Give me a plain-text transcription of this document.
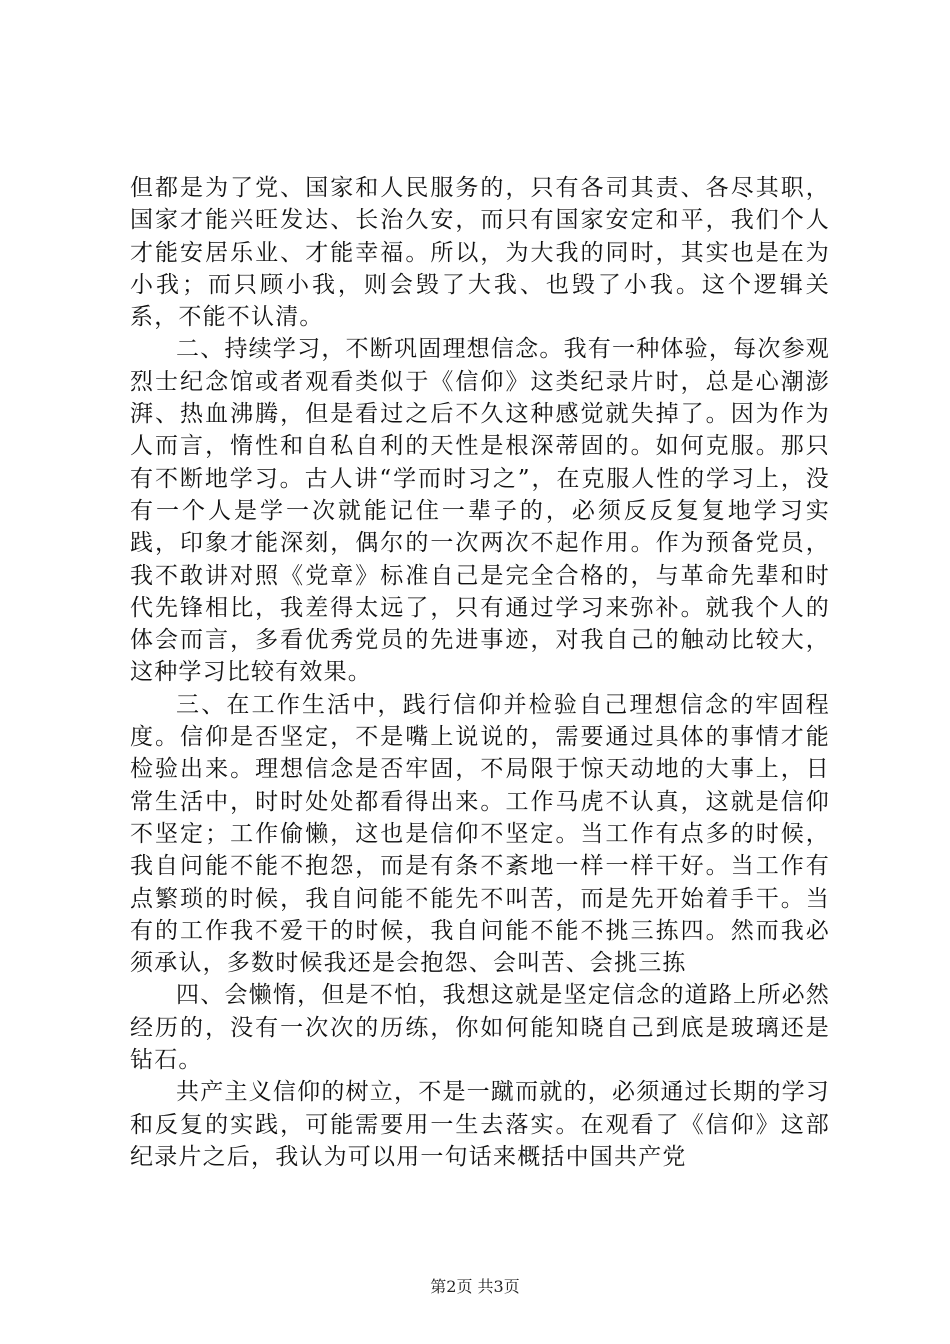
但都是为了党、国家和人民服务的，只有各司其责、各尽其职，国家才能兴旺发达、长治久安，而只有国家安定和平，我们个人才能安居乐业、才能幸福。所以，为大我的同时，其实也是在为小我；而只顾小我，则会毁了大我、也毁了小我。这个逻辑关系，不能不认清。

二、持续学习，不断巩固理想信念。我有一种体验，每次参观烈士纪念馆或者观看类似于《信仰》这类纪录片时，总是心潮澎湃、热血沸腾，但是看过之后不久这种感觉就失掉了。因为作为人而言，惰性和自私自利的天性是根深蒂固的。如何克服。那只有不断地学习。古人讲“学而时习之”，在克服人性的学习上，没有一个人是学一次就能记住一辈子的，必须反反复复地学习实践，印象才能深刻，偶尔的一次两次不起作用。作为预备党员，我不敢讲对照《党章》标准自己是完全合格的，与革命先辈和时代先锋相比，我差得太远了，只有通过学习来弥补。就我个人的体会而言，多看优秀党员的先进事迹，对我自己的触动比较大，这种学习比较有效果。

三、在工作生活中，践行信仰并检验自己理想信念的牢固程度。信仰是否坚定，不是嘴上说说的，需要通过具体的事情才能检验出来。理想信念是否牢固，不局限于惊天动地的大事上，日常生活中，时时处处都看得出来。工作马虎不认真，这就是信仰不坚定；工作偷懒，这也是信仰不坚定。当工作有点多的时候，我自问能不能不抱怨，而是有条不紊地一样一样干好。当工作有点繁琐的时候，我自问能不能先不叫苦，而是先开始着手干。当有的工作我不爱干的时候，我自问能不能不挑三拣四。然而我必须承认，多数时候我还是会抱怨、会叫苦、会挑三拣

四、会懒惰，但是不怕，我想这就是坚定信念的道路上所必然经历的，没有一次次的历练，你如何能知晓自己到底是玻璃还是钻石。

共产主义信仰的树立，不是一蹴而就的，必须通过长期的学习和反复的实践，可能需要用一生去落实。在观看了《信仰》这部纪录片之后，我认为可以用一句话来概括中国共产党

第2页 共3页
